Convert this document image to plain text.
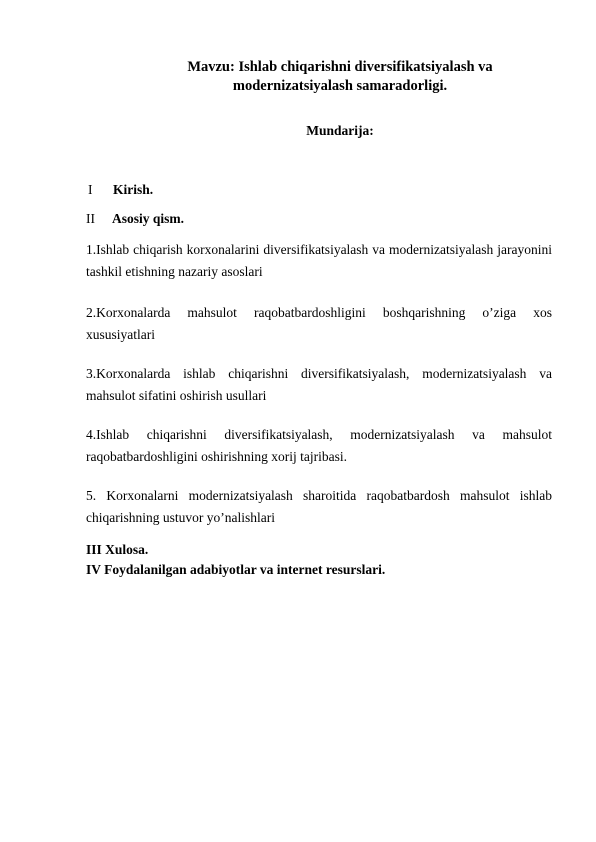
Mavzu: Ishlab chiqarishni diversifikatsiyalash va
modernizatsiyalash samaradorligi.
Mundarija:
I Kirish.
II Asosiy qism.
1.Ishlab chiqarish korxonalarini diversifikatsiyalash va modernizatsiyalash jarayonini tashkil etishning nazariy asoslari
2.Korxonalarda mahsulot raqobatbardoshligini boshqarishning o’ziga xos xususiyatlari
3.Korxonalarda ishlab chiqarishni diversifikatsiyalash, modernizatsiyalash va mahsulot sifatini oshirish usullari
4.Ishlab chiqarishni diversifikatsiyalash, modernizatsiyalash va mahsulot raqobatbardoshligini oshirishning xorij tajribasi.
5. Korxonalarni modernizatsiyalash sharoitida raqobatbardosh mahsulot ishlab chiqarishning ustuvor yo’nalishlari
III Xulosa.
IV Foydalanilgan adabiyotlar va internet resurslari.
